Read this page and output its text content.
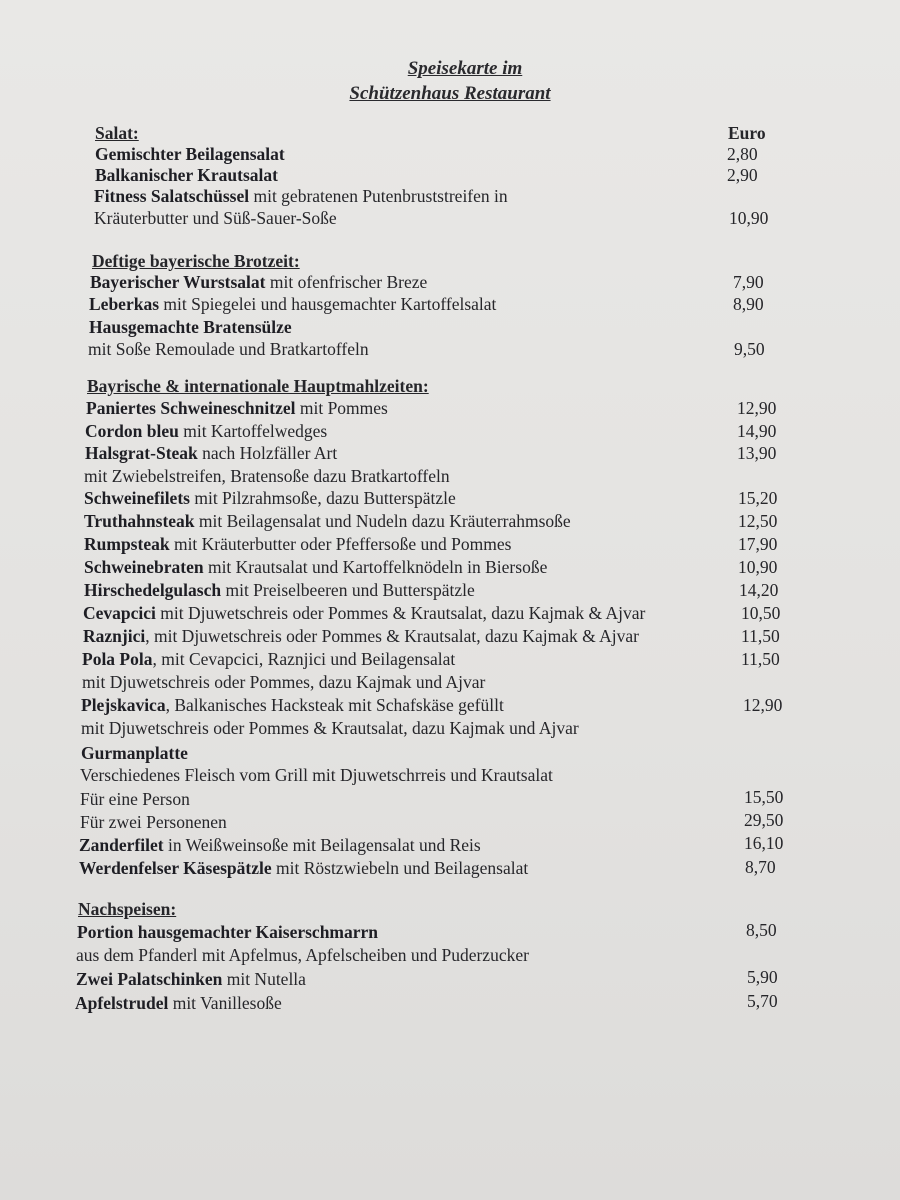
Speisekarte im
Schützenhaus Restaurant
Salat:	Euro
Gemischter Beilagensalat	2,80
Balkanischer Krautsalat	2,90
Fitness Salatschüssel mit gebratenen Putenbruststreifen in
Kräuterbutter und Süß-Sauer-Soße	10,90
Deftige bayerische Brotzeit:
Bayerischer Wurstsalat mit ofenfrischer Breze	7,90
Leberkas mit Spiegelei und hausgemachter Kartoffelsalat	8,90
Hausgemachte Bratensülze
mit Soße Remoulade und Bratkartoffeln	9,50
Bayrische & internationale Hauptmahlzeiten:
Paniertes Schweineschnitzel mit Pommes	12,90
Cordon bleu mit Kartoffelwedges	14,90
Halsgrat-Steak nach Holzfäller Art	13,90
mit Zwiebelstreifen, Bratensoße dazu Bratkartoffeln
Schweinefilets mit Pilzrahmsoße, dazu Butterspätzle	15,20
Truthahnsteak mit Beilagensalat und Nudeln dazu Kräuterrahmsoße	12,50
Rumpsteak mit Kräuterbutter oder Pfeffersoße und Pommes	17,90
Schweinebraten mit Krautsalat und Kartoffelknödeln in Biersoße	10,90
Hirschedelgulasch mit Preiselbeeren und Butterspätzle	14,20
Cevapcici mit Djuwetschreis oder Pommes & Krautsalat, dazu Kajmak & Ajvar	10,50
Raznjici, mit Djuwetschreis oder Pommes & Krautsalat, dazu Kajmak & Ajvar	11,50
Pola Pola, mit Cevapcici, Raznjici und Beilagensalat	11,50
mit Djuwetschreis oder Pommes, dazu Kajmak und Ajvar
Plejskavica, Balkanisches Hacksteak mit Schafskäse gefüllt	12,90
mit Djuwetschreis oder Pommes & Krautsalat, dazu Kajmak und Ajvar
Gurmanplatte
Verschiedenes Fleisch vom Grill mit Djuwetschrreis und Krautsalat
Für eine Person	15,50
Für zwei Personenen	29,50
Zanderfilet in Weißweinsoße mit Beilagensalat und Reis	16,10
Werdenfelser Käsespätzle mit Röstzwiebeln und Beilagensalat	8,70
Nachspeisen:
Portion hausgemachter Kaiserschmarrn	8,50
aus dem Pfanderl mit Apfelmus, Apfelscheiben und Puderzucker
Zwei Palatschinken mit Nutella	5,90
Apfelstrudel mit Vanillesoße	5,70
